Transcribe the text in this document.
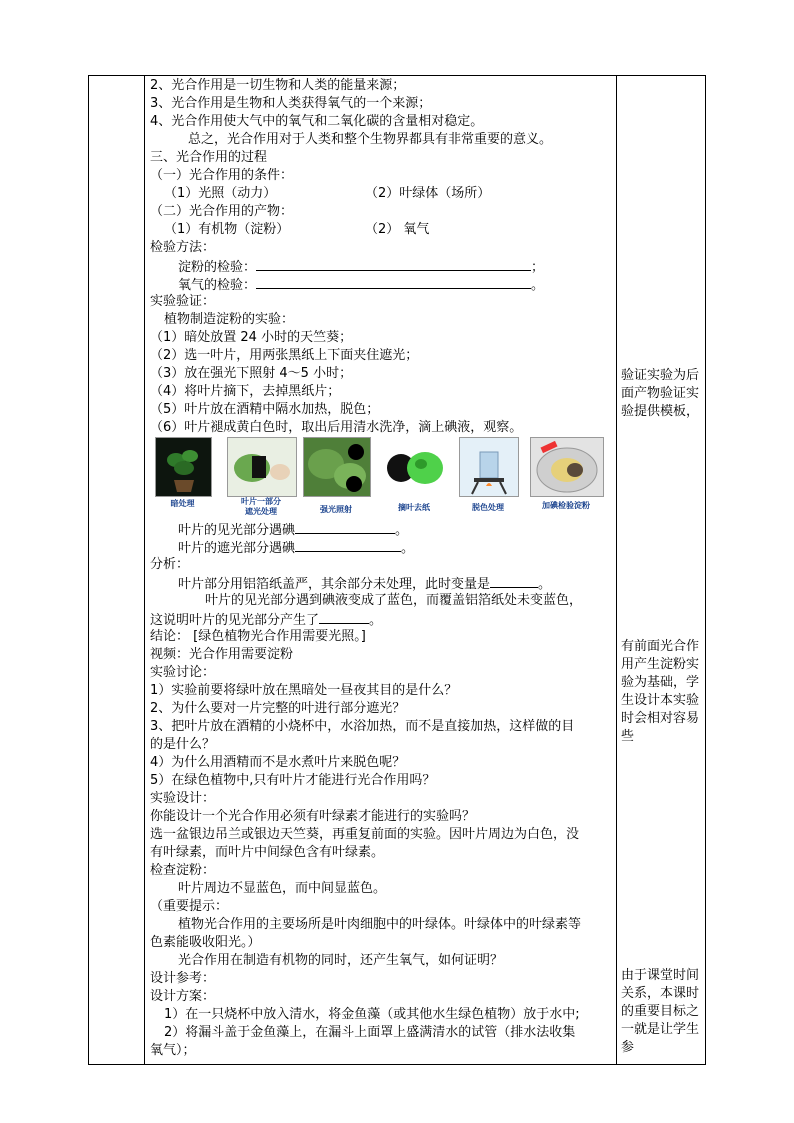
2、光合作用是一切生物和人类的能量来源；
3、光合作用是生物和人类获得氧气的一个来源；
4、光合作用使大气中的氧气和二氧化碳的含量相对稳定。
总之，光合作用对于人类和整个生物界都具有非常重要的意义。
三、光合作用的过程
（一）光合作用的条件：
（1）光照（动力）	（2）叶绿体（场所）
（二）光合作用的产物：
（1）有机物（淀粉）	（2） 氧气
检验方法：
淀粉的检验：	；
氧气的检验：	。
实验验证：
植物制造淀粉的实验：
（1）暗处放置 24 小时的天竺葵；
（2）选一叶片，用两张黑纸上下面夹住遮光；
（3）放在强光下照射 4～5 小时；
（4）将叶片摘下，去掉黑纸片；
（5）叶片放在酒精中隔水加热，脱色；
（6）叶片褪成黄白色时，取出后用清水洗净，滴上碘液，观察。
暗处理	叶片一部分
遮光处理	强光照射	摘叶去纸	脱色处理	加碘检验淀粉
叶片的见光部分遇碘	。
叶片的遮光部分遇碘	。
分析：
叶片部分用铝箔纸盖严，其余部分未处理，此时变量是	。
叶片的见光部分遇到碘液变成了蓝色，而覆盖铝箔纸处未变蓝色，
这说明叶片的见光部分产生了	。
结论： [绿色植物光合作用需要光照。]
视频：光合作用需要淀粉
实验讨论：
1）实验前要将绿叶放在黑暗处一昼夜其目的是什么？
2、为什么要对一片完整的叶进行部分遮光？
3、把叶片放在酒精的小烧杯中，水浴加热，而不是直接加热，这样做的目
的是什么？
4）为什么用酒精而不是水煮叶片来脱色呢？
5）在绿色植物中,只有叶片才能进行光合作用吗？
实验设计：
你能设计一个光合作用必须有叶绿素才能进行的实验吗？
选一盆银边吊兰或银边天竺葵，再重复前面的实验。因叶片周边为白色，没
有叶绿素，而叶片中间绿色含有叶绿素。
检查淀粉：
叶片周边不显蓝色，而中间显蓝色。
（重要提示：
植物光合作用的主要场所是叶肉细胞中的叶绿体。叶绿体中的叶绿素等
色素能吸收阳光。）
光合作用在制造有机物的同时，还产生氧气，如何证明？
设计参考：
设计方案：
1）在一只烧杯中放入清水，将金鱼藻（或其他水生绿色植物）放于水中;
2）将漏斗盖于金鱼藻上，在漏斗上面罩上盛满清水的试管（排水法收集
氧气）；
验证实验为后面产物验证实验提供模板，
有前面光合作用产生淀粉实验为基础，学生设计本实验时会相对容易些
由于课堂时间关系，本课时的重要目标之一就是让学生参
